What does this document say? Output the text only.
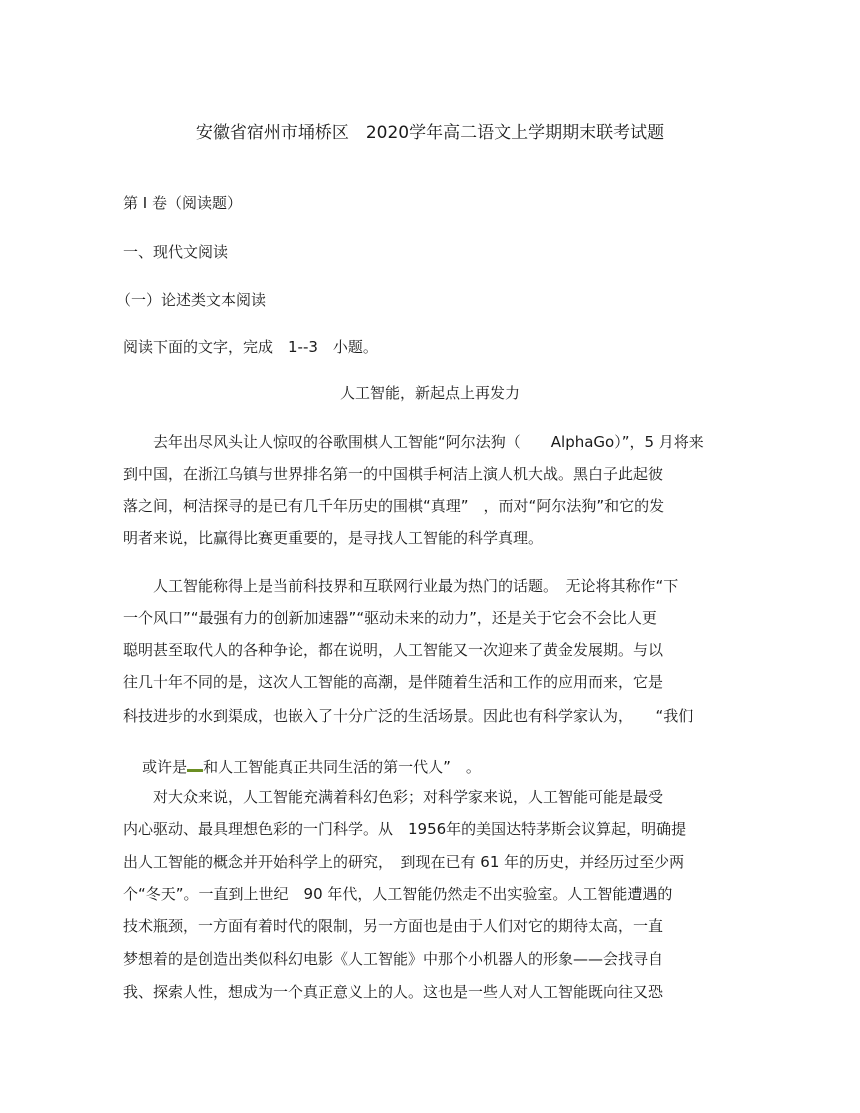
安徽省宿州市埇桥区　2020学年高二语文上学期期末联考试题
第 Ⅰ 卷（阅读题）
一、现代文阅读
（一）论述类文本阅读
阅读下面的文字，完成　1--3　小题。
人工智能，新起点上再发力
　　去年出尽风头让人惊叹的谷歌围棋人工智能“阿尔法狗（　　AlphaGo）”，5 月将来
到中国，在浙江乌镇与世界排名第一的中国棋手柯洁上演人机大战。黑白子此起彼
落之间，柯洁探寻的是已有几千年历史的围棋“真理”　，而对“阿尔法狗”和它的发
明者来说，比赢得比赛更重要的，是寻找人工智能的科学真理。
　　人工智能称得上是当前科技界和互联网行业最为热门的话题。　无论将其称作“下
一个风口”“最强有力的创新加速器”“驱动未来的动力”，还是关于它会不会比人更
聪明甚至取代人的各种争论，都在说明，人工智能又一次迎来了黄金发展期。与以
往几十年不同的是，这次人工智能的高潮，是伴随着生活和工作的应用而来，它是
科技进步的水到渠成，也嵌入了十分广泛的生活场景。因此也有科学家认为，　　“我们

或许是 和人工智能真正共同生活的第一代人”　。

　　对大众来说，人工智能充满着科幻色彩；对科学家来说，人工智能可能是最受
内心驱动、最具理想色彩的一门科学。从　1956年的美国达特茅斯会议算起，明确提
出人工智能的概念并开始科学上的研究，　到现在已有 61 年的历史，并经历过至少两
个“冬天”。一直到上世纪　90 年代，人工智能仍然走不出实验室。人工智能遭遇的
技术瓶颈，一方面有着时代的限制，另一方面也是由于人们对它的期待太高，一直
梦想着的是创造出类似科幻电影《人工智能》中那个小机器人的形象——会找寻自
我、探索人性，想成为一个真正意义上的人。这也是一些人对人工智能既向往又恐
